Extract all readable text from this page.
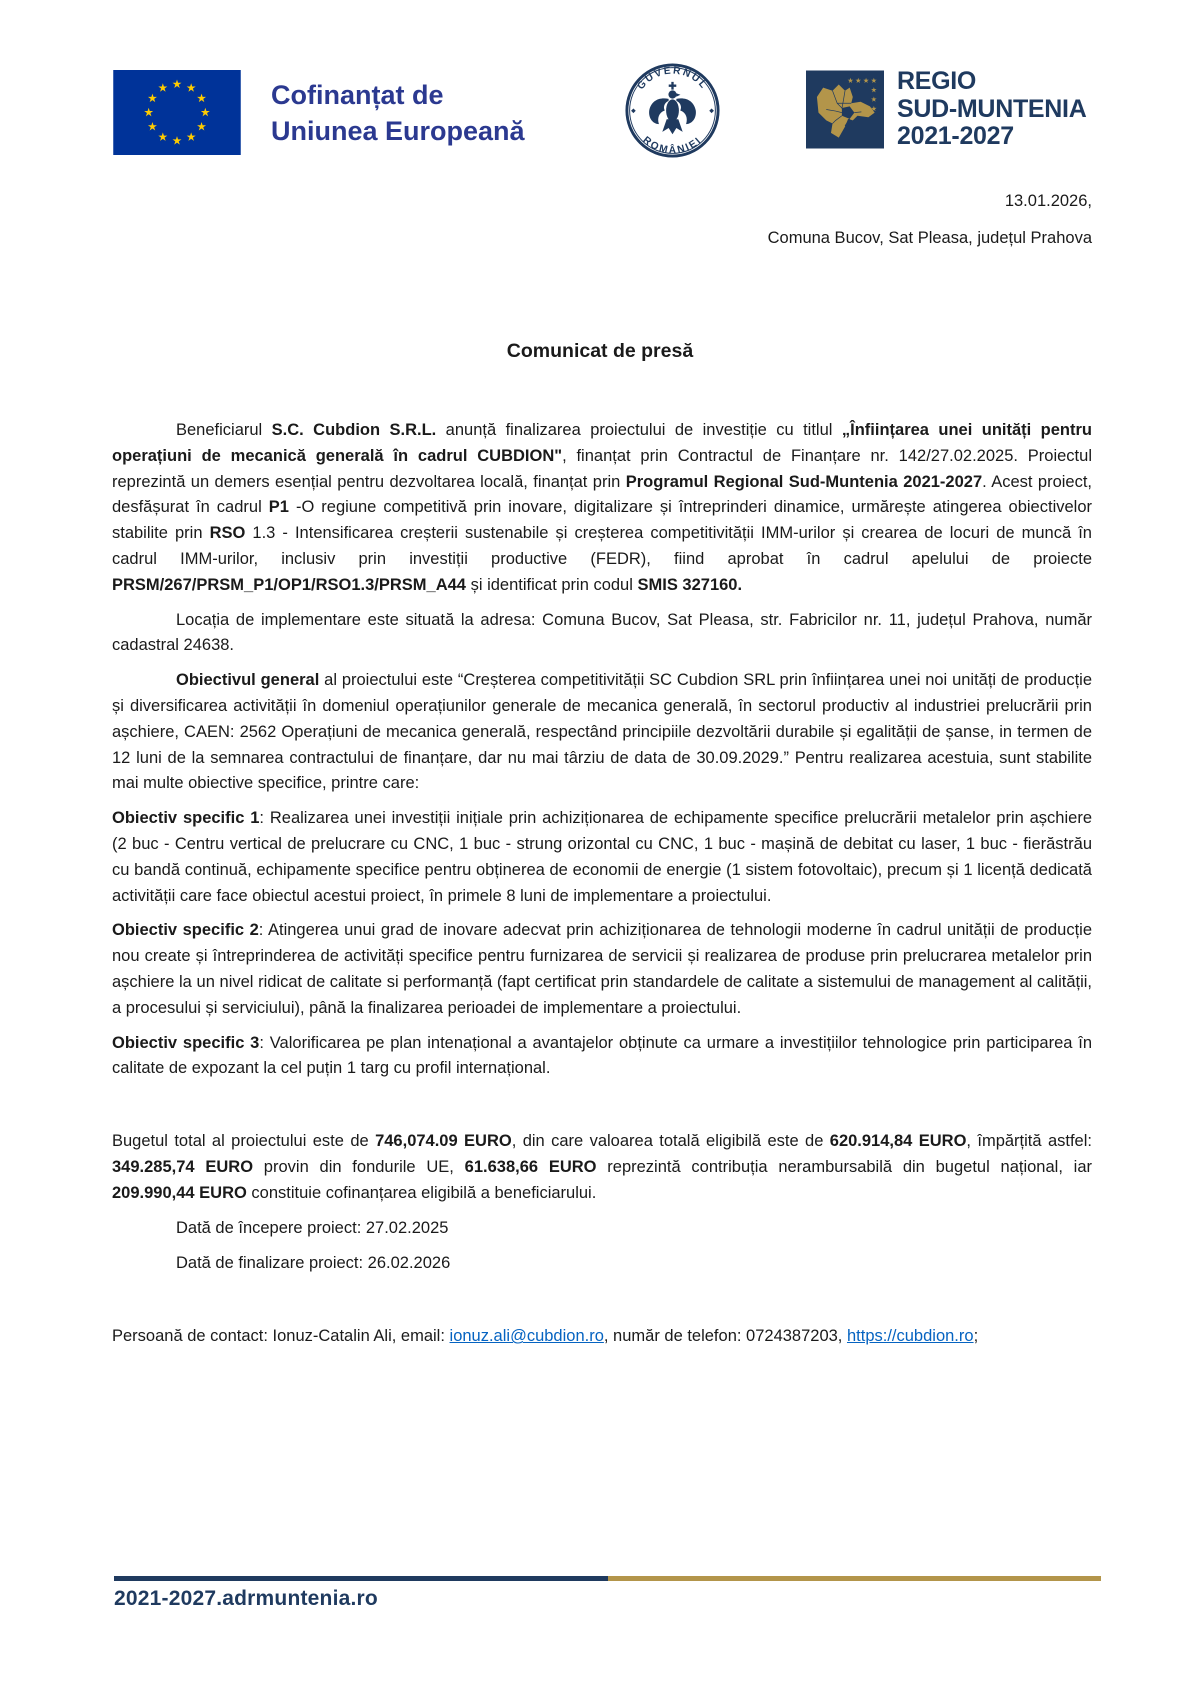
Cofinanțat de
Uniunea Europeană
GUVERNUL
ROMÂNIEI
REGIO
SUD-MUNTENIA
2021-2027
13.01.2026,
Comuna Bucov, Sat Pleasa, județul Prahova
Comunicat de presă

Beneficiarul S.C. Cubdion S.R.L. anunță finalizarea proiectului de investiție cu titlul „Înființarea unei unități pentru operațiuni de mecanică generală în cadrul CUBDION", finanțat prin Contractul de Finanțare nr. 142/27.02.2025. Proiectul reprezintă un demers esențial pentru dezvoltarea locală, finanțat prin Programul Regional Sud-Muntenia 2021-2027. Acest proiect, desfășurat în cadrul P1 -O regiune competitivă prin inovare, digitalizare și întreprinderi dinamice, urmărește atingerea obiectivelor stabilite prin RSO 1.3 - Intensificarea creșterii sustenabile și creșterea competitivității IMM-urilor și crearea de locuri de muncă în cadrul IMM-urilor, inclusiv prin investiții productive (FEDR), fiind aprobat în cadrul apelului de proiecte PRSM/267/PRSM_P1/OP1/RSO1.3/PRSM_A44 și identificat prin codul SMIS 327160.

Locația de implementare este situată la adresa: Comuna Bucov, Sat Pleasa, str. Fabricilor nr. 11, județul Prahova, număr cadastral 24638.

Obiectivul general al proiectului este “Creșterea competitivității SC Cubdion SRL prin înființarea unei noi unități de producție și diversificarea activității în domeniul operațiunilor generale de mecanica generală, în sectorul productiv al industriei prelucrării prin așchiere, CAEN: 2562 Operațiuni de mecanica generală, respectând principiile dezvoltării durabile și egalității de șanse, in termen de 12 luni de la semnarea contractului de finanțare, dar nu mai târziu de data de 30.09.2029.” Pentru realizarea acestuia, sunt stabilite mai multe obiective specifice, printre care:

Obiectiv specific 1: Realizarea unei investiții inițiale prin achiziționarea de echipamente specifice prelucrării metalelor prin așchiere (2 buc - Centru vertical de prelucrare cu CNC, 1 buc - strung orizontal cu CNC, 1 buc - mașină de debitat cu laser, 1 buc - fierăstrău cu bandă continuă, echipamente specifice pentru obținerea de economii de energie (1 sistem fotovoltaic), precum și 1 licență dedicată activității care face obiectul acestui proiect, în primele 8 luni de implementare a proiectului.

Obiectiv specific 2: Atingerea unui grad de inovare adecvat prin achiziționarea de tehnologii moderne în cadrul unității de producție nou create și întreprinderea de activități specifice pentru furnizarea de servicii și realizarea de produse prin prelucrarea metalelor prin așchiere la un nivel ridicat de calitate si performanță (fapt certificat prin standardele de calitate a sistemului de management al calității, a procesului și serviciului), până la finalizarea perioadei de implementare a proiectului.

Obiectiv specific 3: Valorificarea pe plan intenațional a avantajelor obținute ca urmare a investițiilor tehnologice prin participarea în calitate de expozant la cel puțin 1 targ cu profil internațional.

Bugetul total al proiectului este de 746,074.09 EURO, din care valoarea totală eligibilă este de 620.914,84 EURO, împărțită astfel: 349.285,74 EURO provin din fondurile UE, 61.638,66 EURO reprezintă contribuția nerambursabilă din bugetul național, iar 209.990,44 EURO constituie cofinanțarea eligibilă a beneficiarului.

Dată de începere proiect: 27.02.2025

Dată de finalizare proiect: 26.02.2026

Persoană de contact: Ionuz-Catalin Ali, email: ionuz.ali@cubdion.ro, număr de telefon: 0724387203, https://cubdion.ro;

2021-2027.adrmuntenia.ro
